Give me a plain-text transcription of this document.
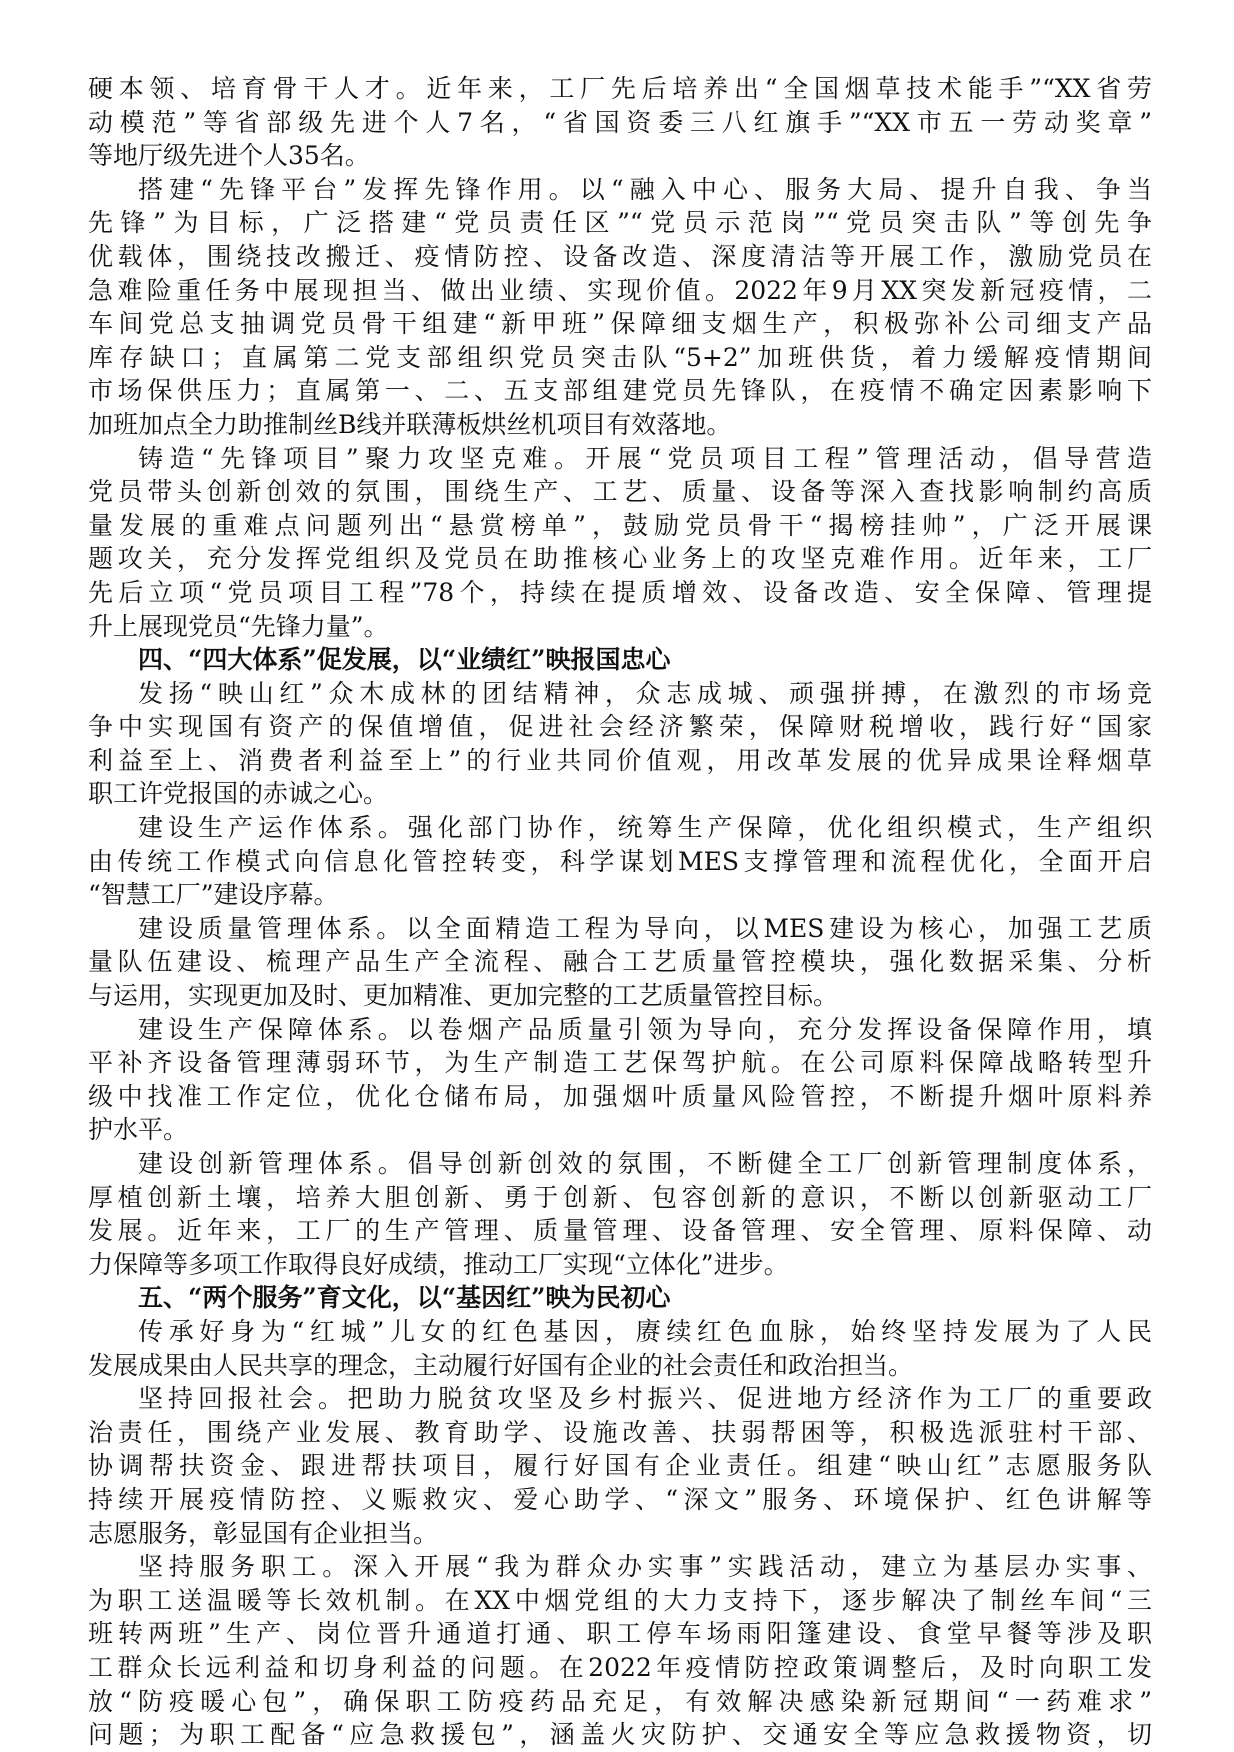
硬本领、培育骨干人才。近年来，工厂先后培养出“全国烟草技术能手”“XX省劳
动模范”等省部级先进个人7名，“省国资委三八红旗手”“XX市五一劳动奖章”
等地厅级先进个人35名。
搭建“先锋平台”发挥先锋作用。以“融入中心、服务大局、提升自我、争当
先锋”为目标，广泛搭建“党员责任区”“党员示范岗”“党员突击队”等创先争
优载体，围绕技改搬迁、疫情防控、设备改造、深度清洁等开展工作，激励党员在
急难险重任务中展现担当、做出业绩、实现价值。2022年9月XX突发新冠疫情，二
车间党总支抽调党员骨干组建“新甲班”保障细支烟生产，积极弥补公司细支产品
库存缺口；直属第二党支部组织党员突击队“5+2”加班供货，着力缓解疫情期间
市场保供压力；直属第一、二、五支部组建党员先锋队，在疫情不确定因素影响下
加班加点全力助推制丝B线并联薄板烘丝机项目有效落地。
铸造“先锋项目”聚力攻坚克难。开展“党员项目工程”管理活动，倡导营造
党员带头创新创效的氛围，围绕生产、工艺、质量、设备等深入查找影响制约高质
量发展的重难点问题列出“悬赏榜单”，鼓励党员骨干“揭榜挂帅”，广泛开展课
题攻关，充分发挥党组织及党员在助推核心业务上的攻坚克难作用。近年来，工厂
先后立项“党员项目工程”78个，持续在提质增效、设备改造、安全保障、管理提
升上展现党员“先锋力量”。
四、“四大体系”促发展，以“业绩红”映报国忠心
发扬“映山红”众木成林的团结精神，众志成城、顽强拼搏，在激烈的市场竞
争中实现国有资产的保值增值，促进社会经济繁荣，保障财税增收，践行好“国家
利益至上、消费者利益至上”的行业共同价值观，用改革发展的优异成果诠释烟草
职工许党报国的赤诚之心。
建设生产运作体系。强化部门协作，统筹生产保障，优化组织模式，生产组织
由传统工作模式向信息化管控转变，科学谋划MES支撑管理和流程优化，全面开启
“智慧工厂”建设序幕。
建设质量管理体系。以全面精造工程为导向，以MES建设为核心，加强工艺质
量队伍建设、梳理产品生产全流程、融合工艺质量管控模块，强化数据采集、分析
与运用，实现更加及时、更加精准、更加完整的工艺质量管控目标。
建设生产保障体系。以卷烟产品质量引领为导向，充分发挥设备保障作用，填
平补齐设备管理薄弱环节，为生产制造工艺保驾护航。在公司原料保障战略转型升
级中找准工作定位，优化仓储布局，加强烟叶质量风险管控，不断提升烟叶原料养
护水平。
建设创新管理体系。倡导创新创效的氛围，不断健全工厂创新管理制度体系，
厚植创新土壤，培养大胆创新、勇于创新、包容创新的意识，不断以创新驱动工厂
发展。近年来，工厂的生产管理、质量管理、设备管理、安全管理、原料保障、动
力保障等多项工作取得良好成绩，推动工厂实现“立体化”进步。
五、“两个服务”育文化，以“基因红”映为民初心
传承好身为“红城”儿女的红色基因，赓续红色血脉，始终坚持发展为了人民
发展成果由人民共享的理念，主动履行好国有企业的社会责任和政治担当。
坚持回报社会。把助力脱贫攻坚及乡村振兴、促进地方经济作为工厂的重要政
治责任，围绕产业发展、教育助学、设施改善、扶弱帮困等，积极选派驻村干部、
协调帮扶资金、跟进帮扶项目，履行好国有企业责任。组建“映山红”志愿服务队
持续开展疫情防控、义赈救灾、爱心助学、“深文”服务、环境保护、红色讲解等
志愿服务，彰显国有企业担当。
坚持服务职工。深入开展“我为群众办实事”实践活动，建立为基层办实事、
为职工送温暖等长效机制。在XX中烟党组的大力支持下，逐步解决了制丝车间“三
班转两班”生产、岗位晋升通道打通、职工停车场雨阳篷建设、食堂早餐等涉及职
工群众长远利益和切身利益的问题。在2022年疫情防控政策调整后，及时向职工发
放“防疫暖心包”，确保职工防疫药品充足，有效解决感染新冠期间“一药难求”
问题；为职工配备“应急救援包”，涵盖火灾防护、交通安全等应急救援物资，切
